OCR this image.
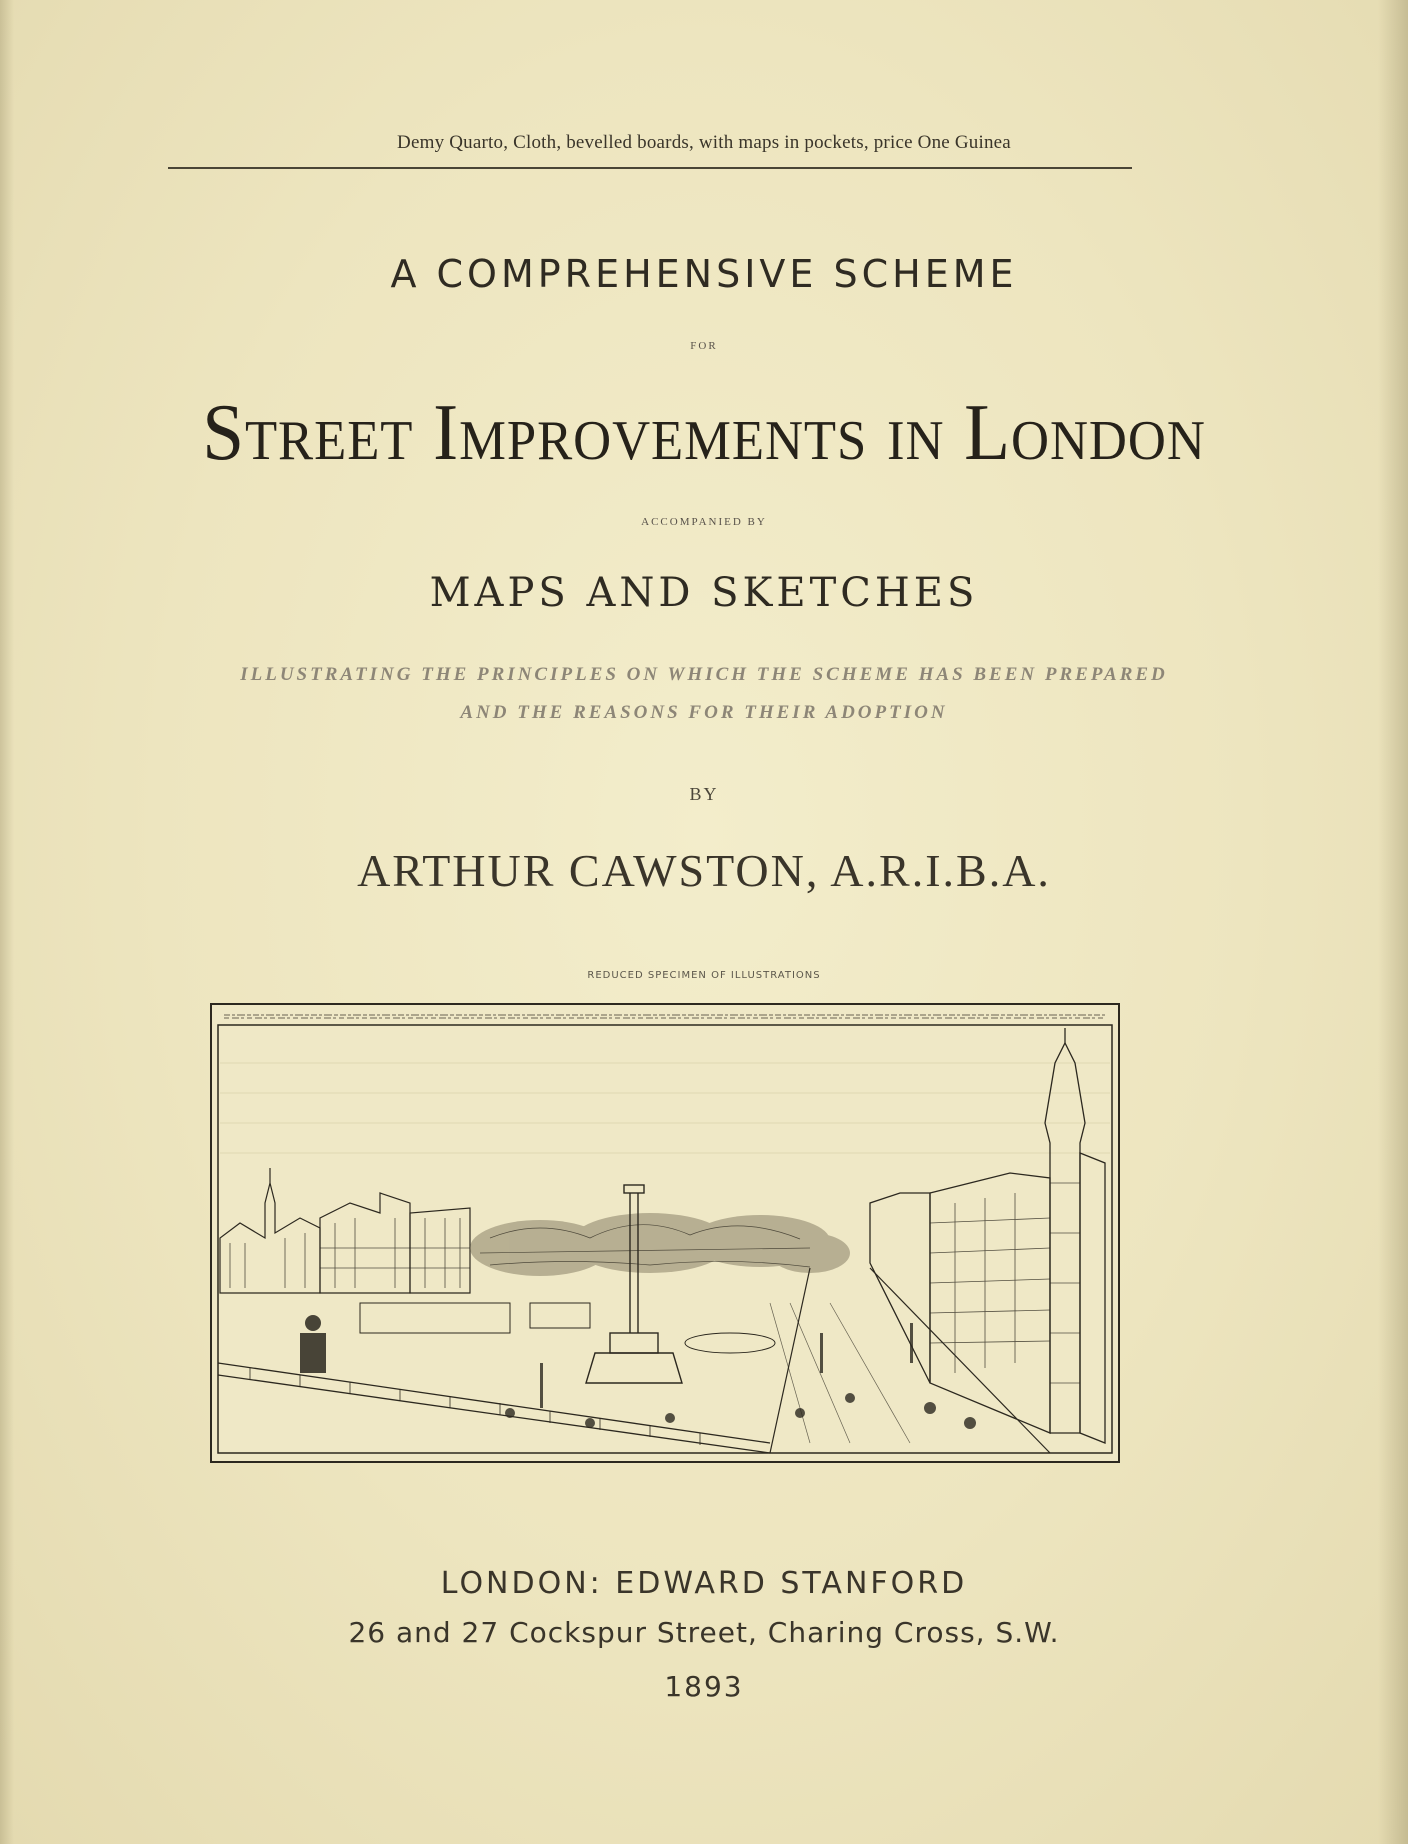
Demy Quarto, Cloth, bevelled boards, with maps in pockets, price One Guinea
A COMPREHENSIVE SCHEME
FOR
Street Improvements in London
ACCOMPANIED BY
MAPS AND SKETCHES
ILLUSTRATING THE PRINCIPLES ON WHICH THE SCHEME HAS BEEN PREPARED
AND THE REASONS FOR THEIR ADOPTION
BY
ARTHUR CAWSTON, A.R.I.B.A.
REDUCED SPECIMEN OF ILLUSTRATIONS
LONDON: EDWARD STANFORD
26 and 27 Cockspur Street, Charing Cross, S.W.
1893
